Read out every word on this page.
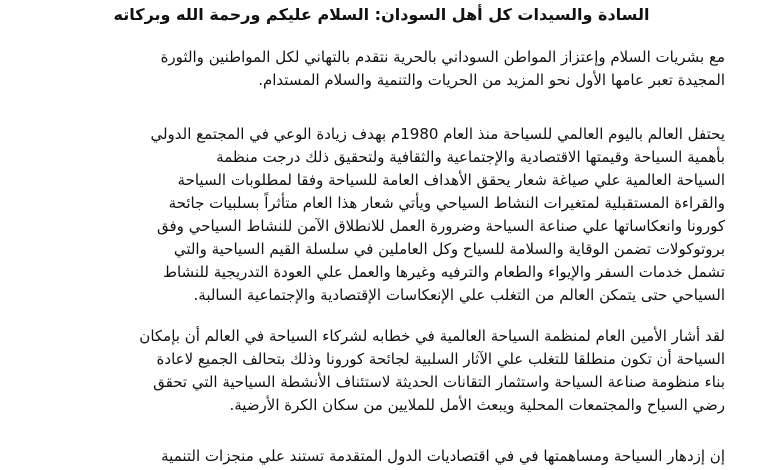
السادة والسيدات كل أهل السودان: السلام عليكم ورحمة الله وبركاته

مع بشريات السلام وإعتزاز المواطن السوداني بالحرية نتقدم بالتهاني لكل المواطنين والثورة
المجيدة تعبر عامها الأول نحو المزيد من الحريات والتنمية والسلام المستدام.

يحتفل العالم باليوم العالمي للسياحة منذ العام 1980م بهدف زيادة الوعي في المجتمع الدولي
بأهمية السياحة وقيمتها الاقتصادية والإجتماعية والثقافية ولتحقيق ذلك درجت منظمة
السياحة العالمية علي صياغة شعار يحقق الأهداف العامة للسياحة وفقا لمطلوبات السياحة
والقراءة المستقبلية لمتغيرات النشاط السياحي ويأتي شعار هذا العام متأثراً بسلبيات جائحة
كورونا وانعكاساتها علي صناعة السياحة وضرورة العمل للانطلاق الآمن للنشاط السياحي وفق
بروتوكولات تضمن الوقاية والسلامة للسياح وكل العاملين في سلسلة القيم السياحية والتي
تشمل خدمات السفر والإيواء والطعام والترفيه وغيرها والعمل علي العودة التدريجية للنشاط
السياحي حتى يتمكن العالم من التغلب علي الإنعكاسات الإقتصادية والإجتماعية السالبة.

لقد أشار الأمين العام لمنظمة السياحة العالمية في خطابه لشركاء السياحة في العالم أن بإمكان
السياحة أن تكون منطلقا للتغلب علي الآثار السلبية لجائحة كورونا وذلك بتحالف الجميع لاعادة
بناء منظومة صناعة السياحة واستثمار التقانات الحديثة لاستئناف الأنشطة السياحية التي تحقق
رضي السياح والمجتمعات المحلية ويبعث الأمل للملايين من سكان الكرة الأرضية.

إن إزدهار السياحة ومساهمتها في في اقتصاديات الدول المتقدمة تستند علي منجزات التنمية
